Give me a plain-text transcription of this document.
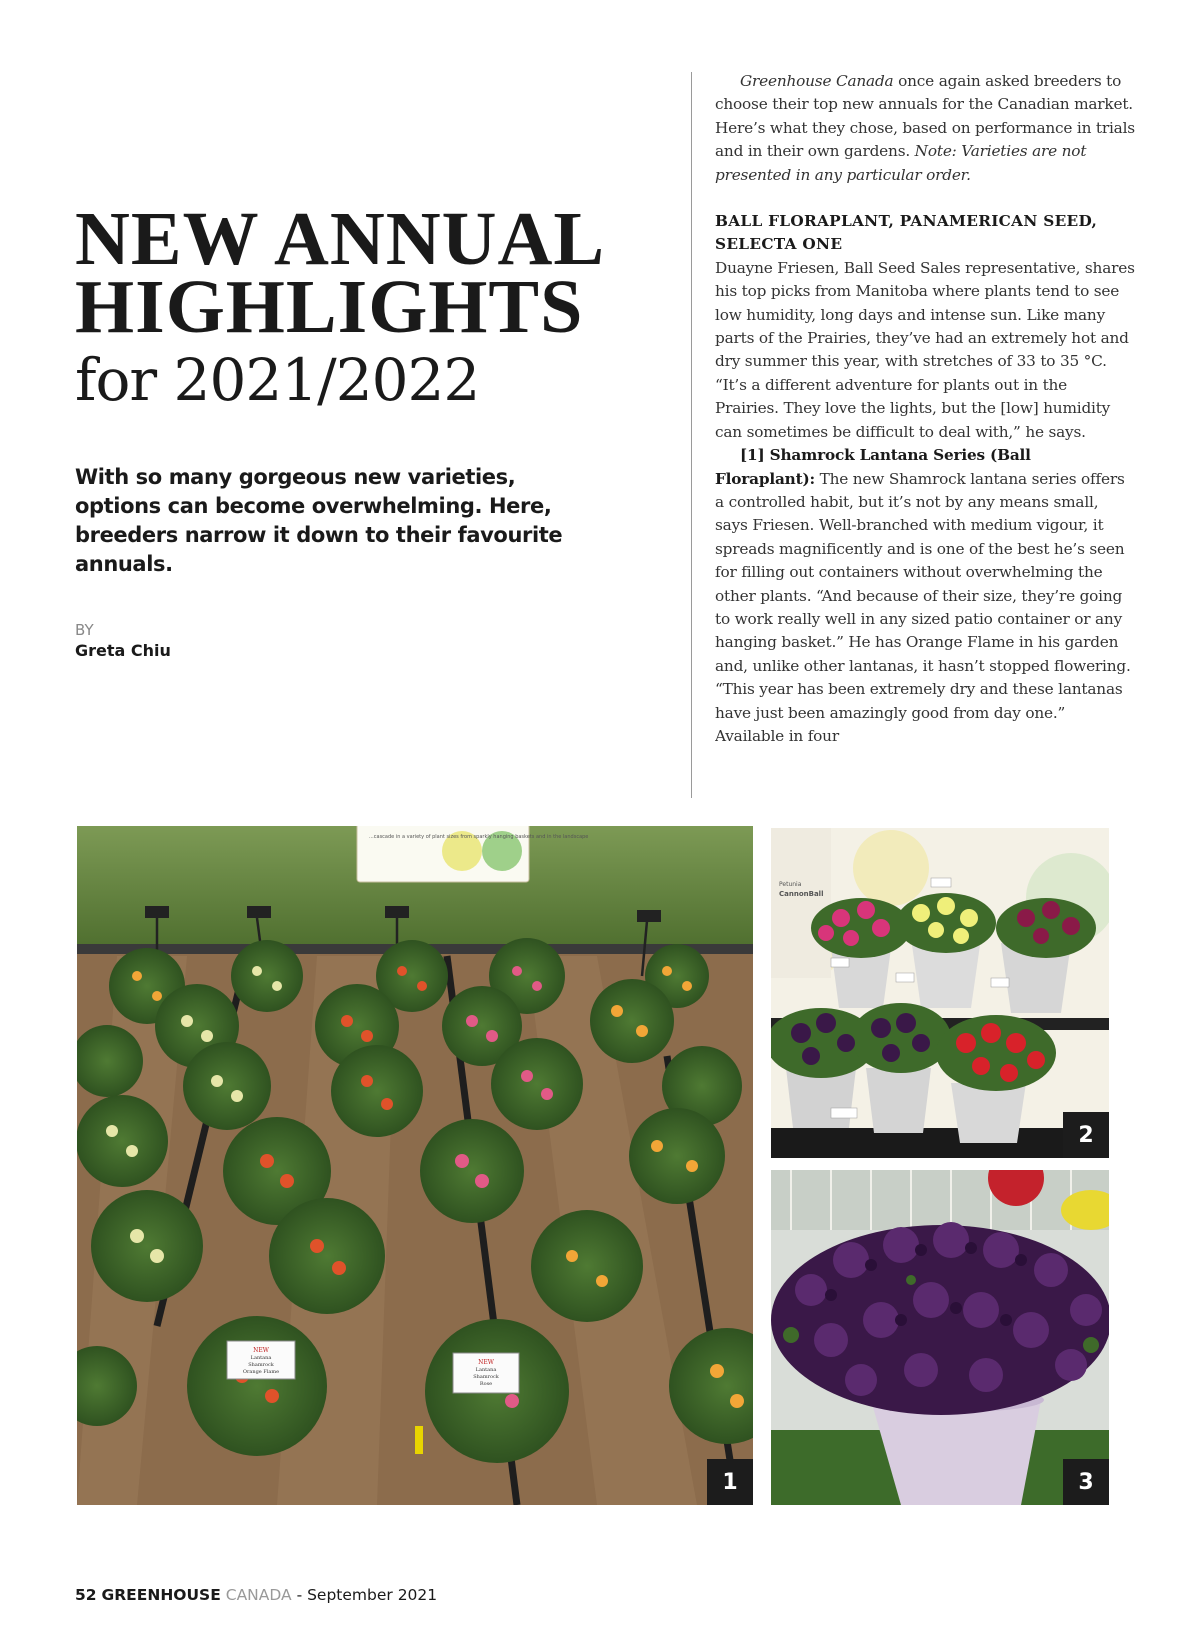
NEW ANNUAL
HIGHLIGHTS
for 2021/2022
With so many gorgeous new varieties, options can become overwhelming. Here, breeders narrow it down to their favourite annuals.
BY
Greta Chiu

Greenhouse Canada once again asked breeders to choose their top new annuals for the Canadian market. Here’s what they chose, based on performance in trials and in their own gardens. Note: Varieties are not presented in any particular order.

BALL FLORAPLANT, PANAMERICAN SEED, SELECTA ONE

Duayne Friesen, Ball Seed Sales representative, shares his top picks from Manitoba where plants tend to see low humidity, long days and intense sun. Like many parts of the Prairies, they’ve had an extremely hot and dry summer this year, with stretches of 33 to 35 °C. “It’s a different adventure for plants out in the Prairies. They love the lights, but the [low] humidity can sometimes be difficult to deal with,” he says.

[1] Shamrock Lantana Series (Ball Floraplant): The new Shamrock lantana series offers a controlled habit, but it’s not by any means small, says Friesen. Well-branched with medium vigour, it spreads magnificently and is one of the best he’s seen for filling out containers without overwhelming the other plants. “And because of their size, they’re going to work really well in any sized patio container or any hanging basket.” He has Orange Flame in his garden and, unlike other lantanas, it hasn’t stopped flowering. “This year has been extremely dry and these lantanas have just been amazingly good from day one.” Available in four

...cascade in a variety of plant sizes from sparkly hanging baskets and in the landscape
NEW
Lantana
Shamrock
Orange Flame
NEW
Lantana
Shamrock
Rose
1
Petunia
CannonBall
2
3
52 GREENHOUSE CANADA - September 2021
